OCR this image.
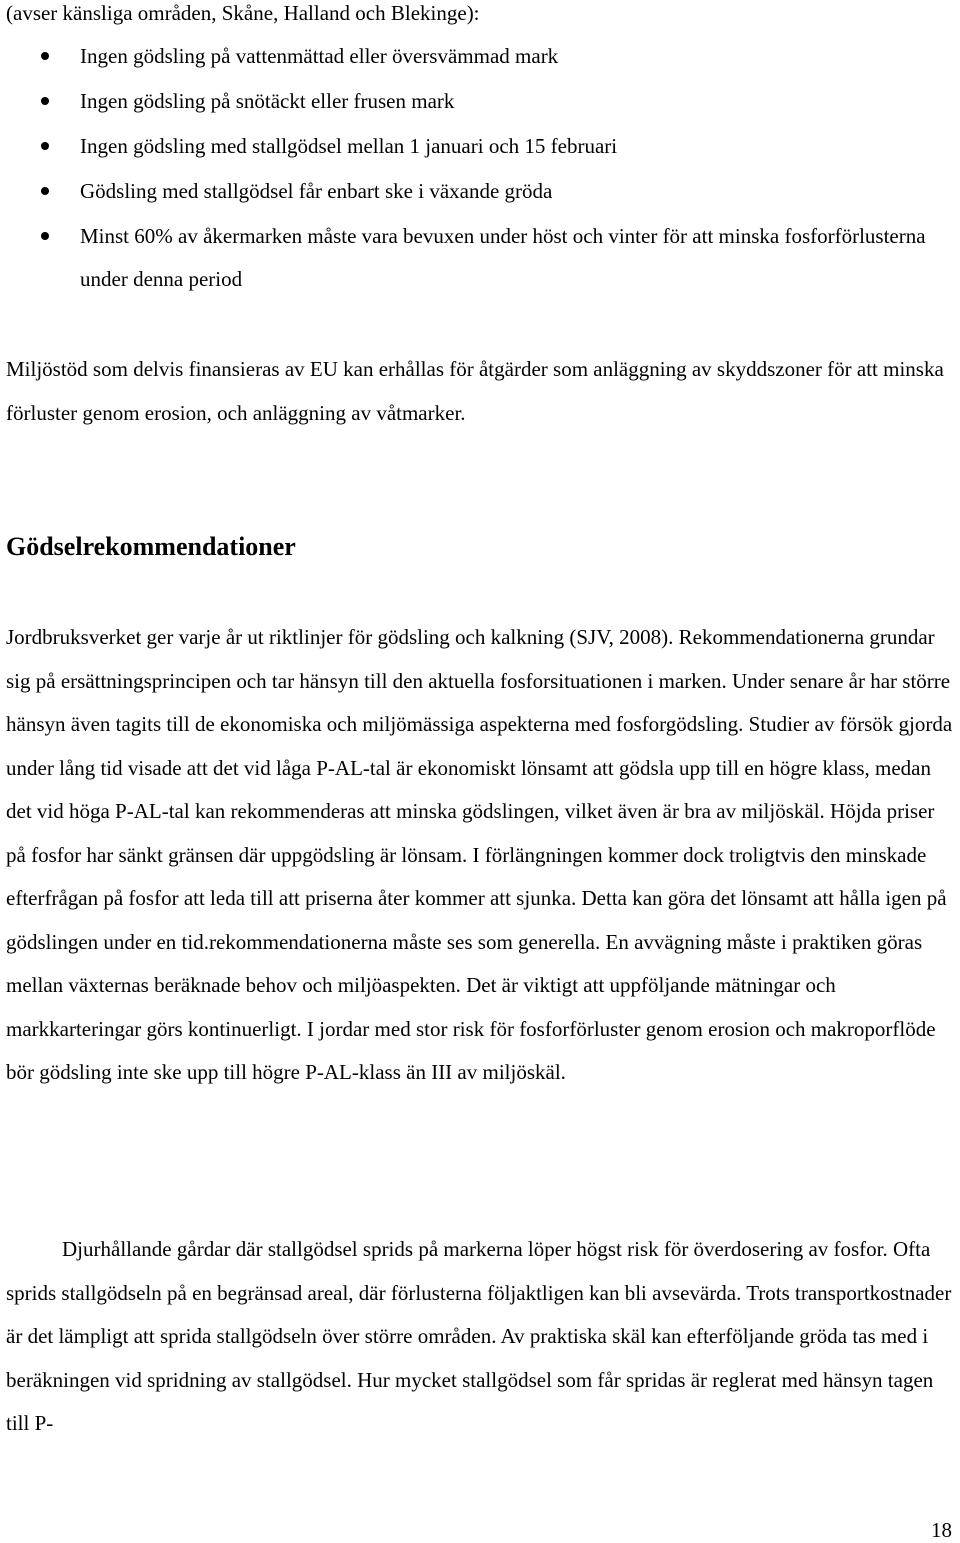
(avser känsliga områden, Skåne, Halland och Blekinge):
Ingen gödsling på vattenmättad eller översvämmad mark
Ingen gödsling på snötäckt eller frusen mark
Ingen gödsling med stallgödsel mellan 1 januari och 15 februari
Gödsling med stallgödsel får enbart ske i växande gröda
Minst 60% av åkermarken måste vara bevuxen under höst och vinter för att minska fosforförlusterna under denna period

Miljöstöd som delvis finansieras av EU kan erhållas för åtgärder som anläggning av skyddszoner för att minska förluster genom erosion, och anläggning av våtmarker.

Gödselrekommendationer

Jordbruksverket ger varje år ut riktlinjer för gödsling och kalkning (SJV, 2008). Rekommendationerna grundar sig på ersättningsprincipen och tar hänsyn till den aktuella fosforsituationen i marken. Under senare år har större hänsyn även tagits till de ekonomiska och miljömässiga aspekterna med fosforgödsling. Studier av försök gjorda under lång tid visade att det vid låga P-AL-tal är ekonomiskt lönsamt att gödsla upp till en högre klass, medan det vid höga P-AL-tal kan rekommenderas att minska gödslingen, vilket även är bra av miljöskäl. Höjda priser på fosfor har sänkt gränsen där uppgödsling är lönsam. I förlängningen kommer dock troligtvis den minskade efterfrågan på fosfor att leda till att priserna åter kommer att sjunka. Detta kan göra det lönsamt att hålla igen på gödslingen under en tid.rekommendationerna måste ses som generella. En avvägning måste i praktiken göras mellan växternas beräknade behov och miljöaspekten. Det är viktigt att uppföljande mätningar och markkarteringar görs kontinuerligt. I jordar med stor risk för fosforförluster genom erosion och makroporflöde bör gödsling inte ske upp till högre P-AL-klass än III av miljöskäl.

Djurhållande gårdar där stallgödsel sprids på markerna löper högst risk för överdosering av fosfor. Ofta sprids stallgödseln på en begränsad areal, där förlusterna följaktligen kan bli avsevärda. Trots transportkostnader är det lämpligt att sprida stallgödseln över större områden. Av praktiska skäl kan efterföljande gröda tas med i beräkningen vid spridning av stallgödsel. Hur mycket stallgödsel som får spridas är reglerat med hänsyn tagen till P-

18
